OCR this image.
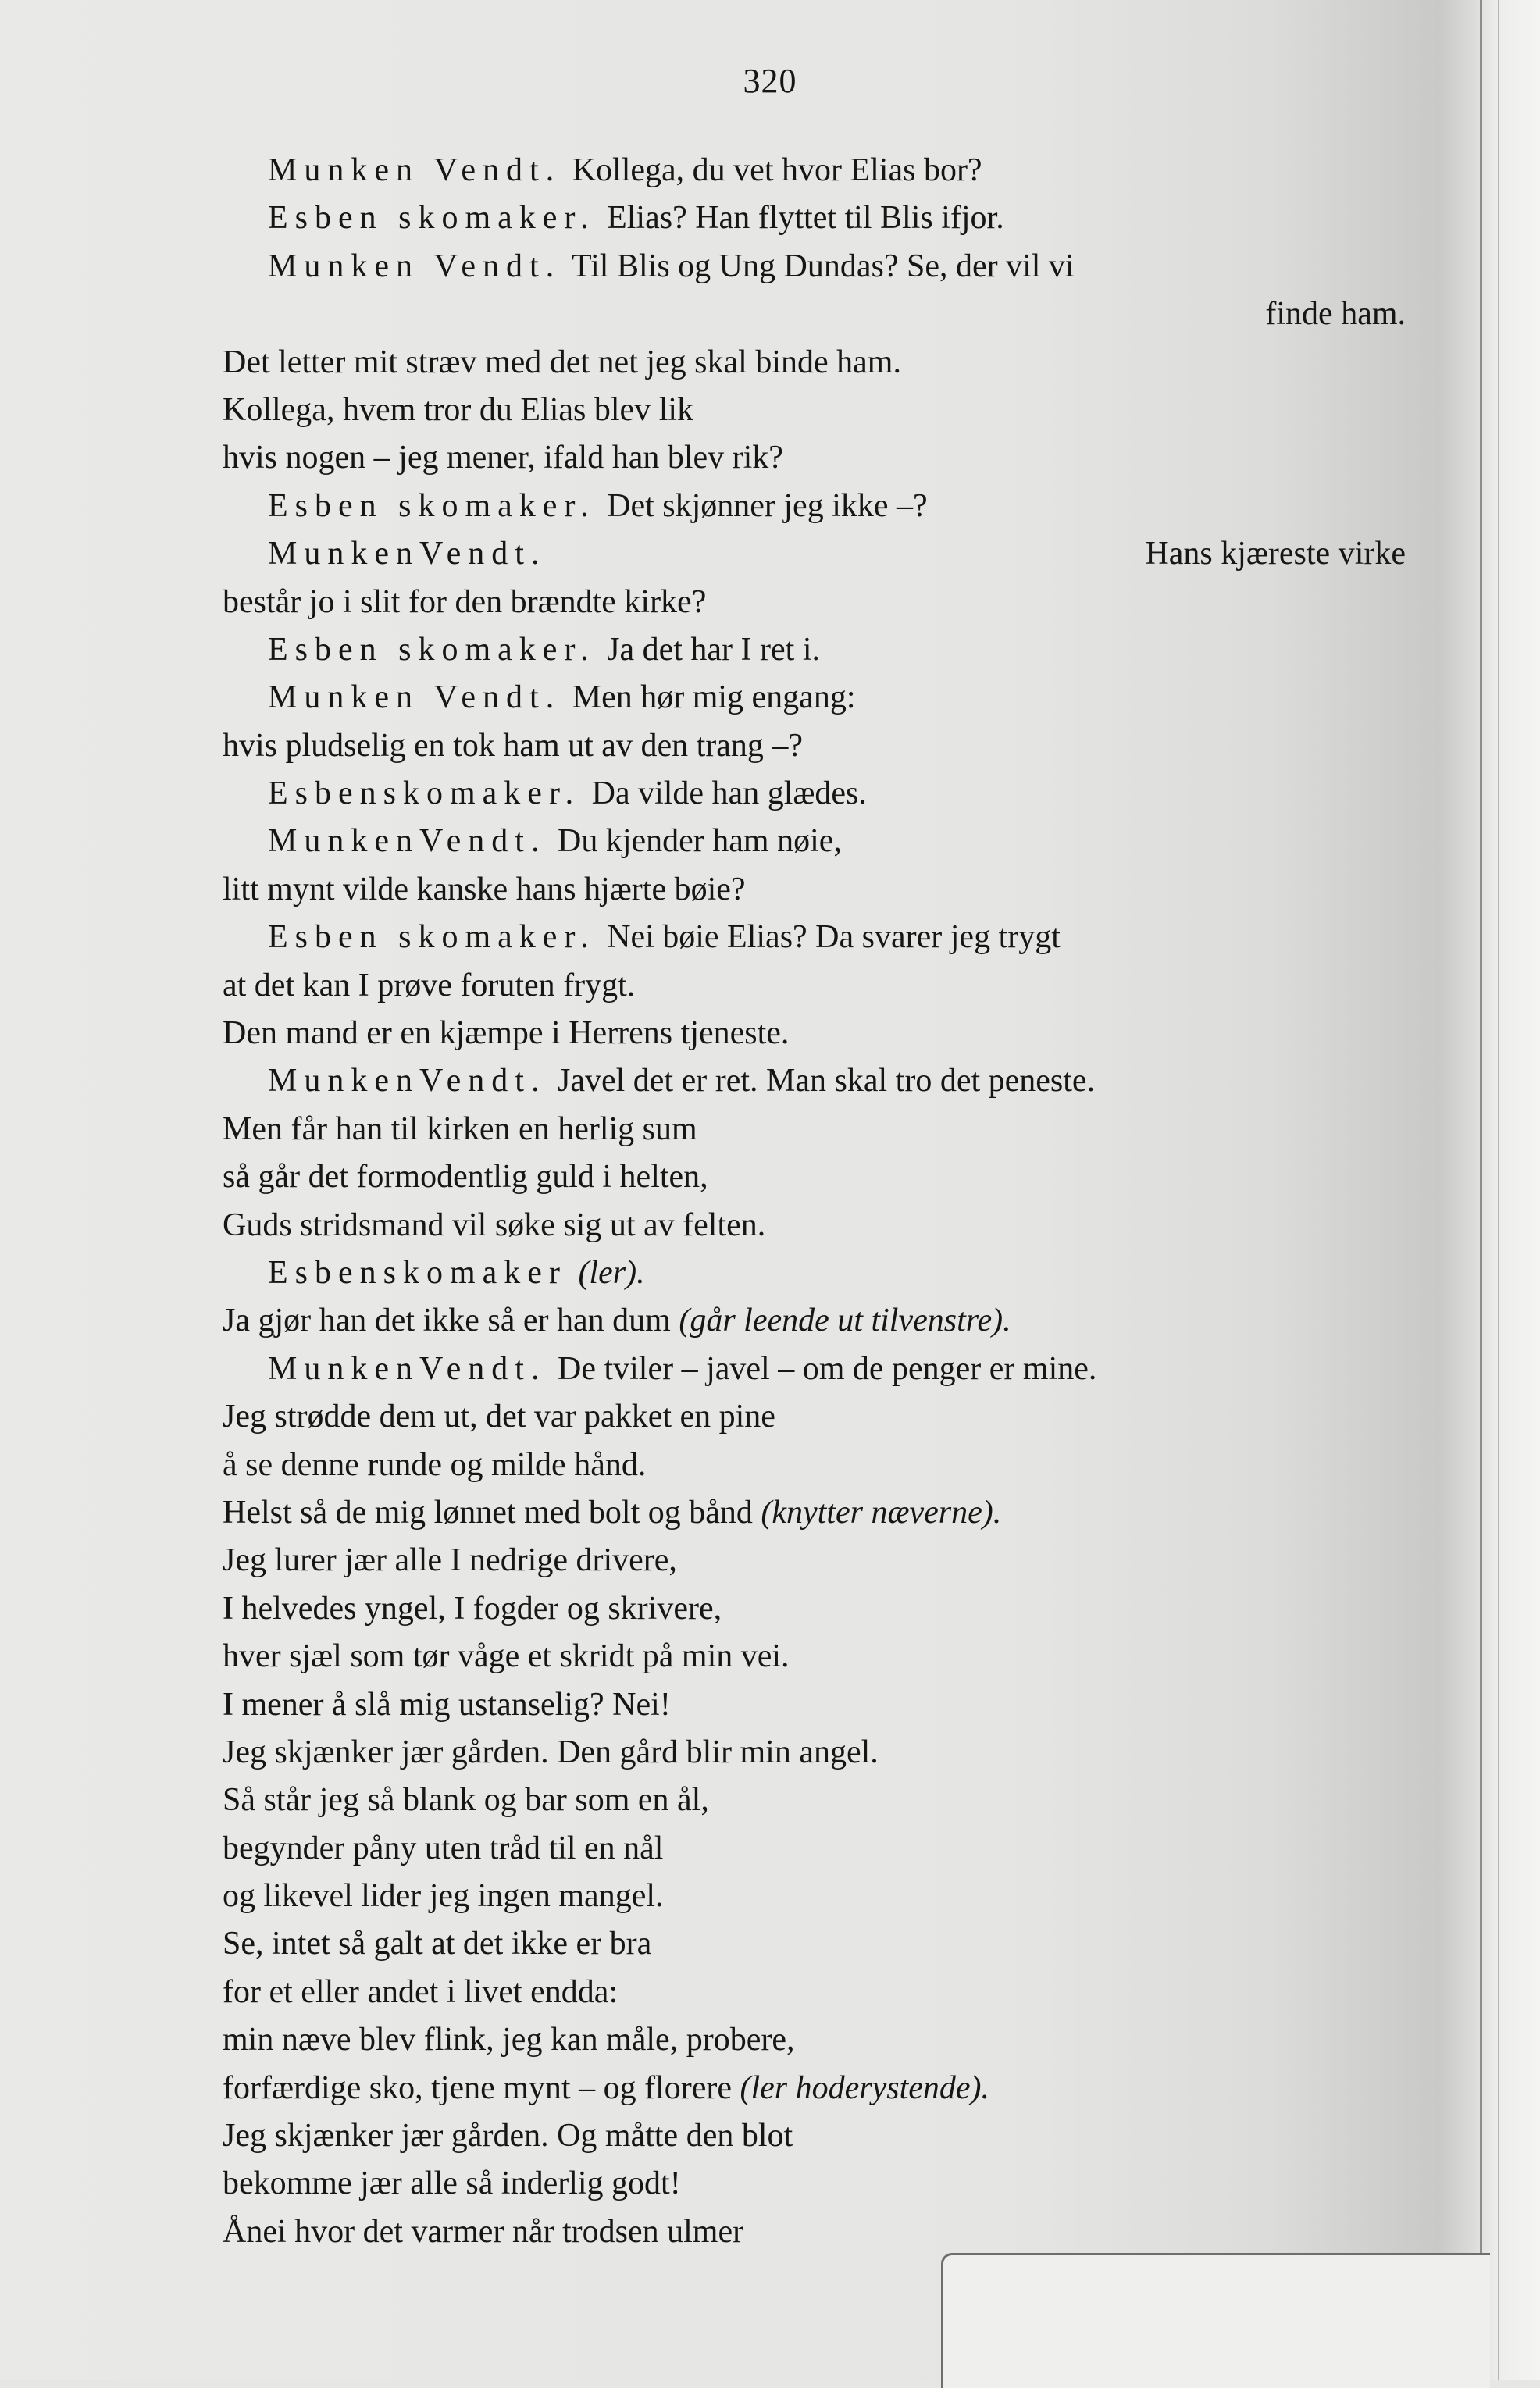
320
Munken Vendt. Kollega, du vet hvor Elias bor?
Esben skomaker. Elias? Han flyttet til Blis ifjor.
Munken Vendt. Til Blis og Ung Dundas? Se, der vil vi
finde ham.
Det letter mit stræv med det net jeg skal binde ham.
Kollega, hvem tror du Elias blev lik
hvis nogen – jeg mener, ifald han blev rik?
Esben skomaker. Det skjønner jeg ikke –?
MunkenVendt.	Hans kjæreste virke
består jo i slit for den brændte kirke?
Esben skomaker. Ja det har I ret i.
Munken Vendt. Men hør mig engang:
hvis pludselig en tok ham ut av den trang –?
Esbenskomaker. Da vilde han glædes.
MunkenVendt. Du kjender ham nøie,
litt mynt vilde kanske hans hjærte bøie?
Esben skomaker. Nei bøie Elias? Da svarer jeg trygt
at det kan I prøve foruten frygt.
Den mand er en kjæmpe i Herrens tjeneste.
MunkenVendt. Javel det er ret. Man skal tro det peneste.
Men får han til kirken en herlig sum
så går det formodentlig guld i helten,
Guds stridsmand vil søke sig ut av felten.
Esbenskomaker (ler).
Ja gjør han det ikke så er han dum (går leende ut tilvenstre).
MunkenVendt. De tviler – javel – om de penger er mine.
Jeg strødde dem ut, det var pakket en pine
å se denne runde og milde hånd.
Helst så de mig lønnet med bolt og bånd (knytter næverne).
Jeg lurer jær alle I nedrige drivere,
I helvedes yngel, I fogder og skrivere,
hver sjæl som tør våge et skridt på min vei.
I mener å slå mig ustanselig? Nei!
Jeg skjænker jær gården. Den gård blir min angel.
Så står jeg så blank og bar som en ål,
begynder påny uten tråd til en nål
og likevel lider jeg ingen mangel.
Se, intet så galt at det ikke er bra
for et eller andet i livet endda:
min næve blev flink, jeg kan måle, probere,
forfærdige sko, tjene mynt – og florere (ler hoderystende).
Jeg skjænker jær gården. Og måtte den blot
bekomme jær alle så inderlig godt!
Ånei hvor det varmer når trodsen ulmer
